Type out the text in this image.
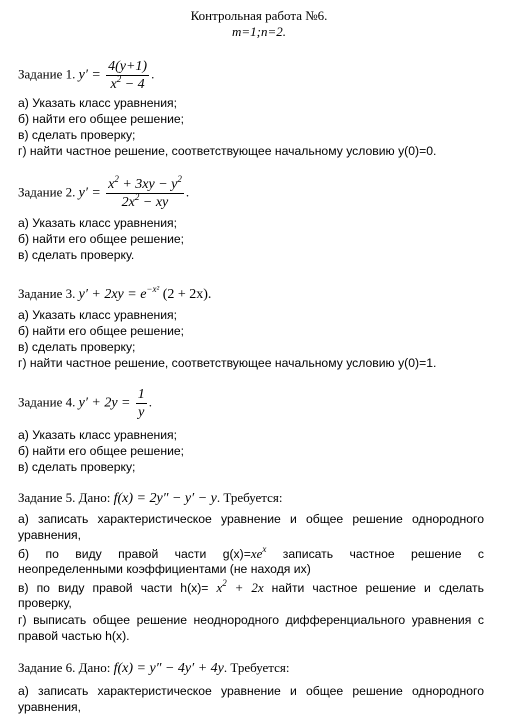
Контрольная работа №6.
m=1;n=2.
Задание 1. $y' = \frac{4(y+1)}{x^2 - 4}$ .
а) Указать класс уравнения;
б) найти его общее решение;
в) сделать проверку;
г) найти частное решение, соответствующее начальному условию y(0)=0.
Задание 2. $y' = \frac{x^2 + 3xy - y^2}{2x^2 - xy}$ .
а) Указать класс уравнения;
б) найти его общее решение;
в) сделать проверку.
Задание 3. $y' + 2xy = e^{-x^2}$ (2 + 2x).
а) Указать класс уравнения;
б) найти его общее решение;
в) сделать проверку;
г) найти частное решение, соответствующее начальному условию y(0)=1.
Задание 4. $y' + 2y = \frac{1}{y}$ .
а) Указать класс уравнения;
б) найти его общее решение;
в) сделать проверку;
Задание 5. Дано: f(x) = 2y″ − y′ − y. Требуется:
а) записать характеристическое уравнение и общее решение однородного
уравнения,
б) по виду правой части $g(x)=xe^x$ записать частное решение с
неопределенными коэффициентами (не находя их)
в) по виду правой части $h(x)= x^2 + 2x$ найти частное решение и сделать
проверку,
г) выписать общее решение неоднородного дифференциального уравнения с
правой частью h(x).
Задание 6. Дано: f(x) = y″ − 4y′ + 4y. Требуется:
а) записать характеристическое уравнение и общее решение однородного
уравнения,
